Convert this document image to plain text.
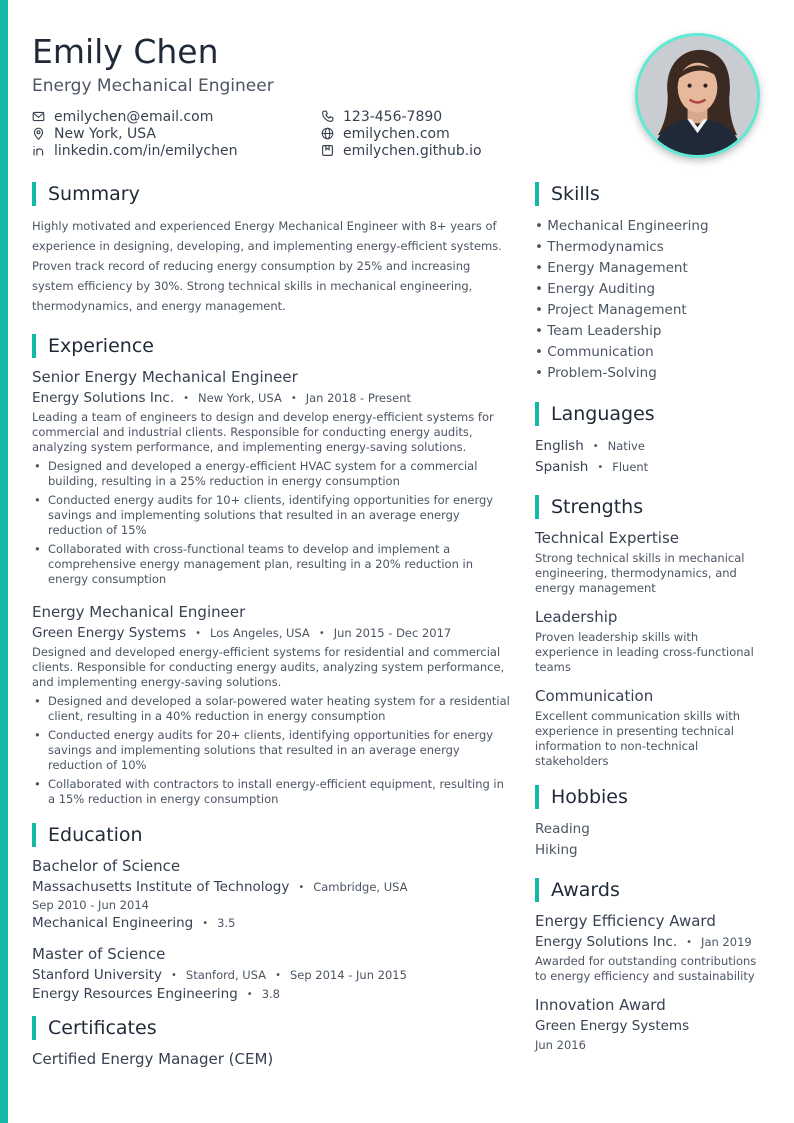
Emily Chen
Energy Mechanical Engineer
emilychen@email.com	123-456-7890
New York, USA	emilychen.com
linkedin.com/in/emilychen	emilychen.github.io
Summary

Highly motivated and experienced Energy Mechanical Engineer with 8+ years of experience in designing, developing, and implementing energy-efficient systems. Proven track record of reducing energy consumption by 25% and increasing system efficiency by 30%. Strong technical skills in mechanical engineering, thermodynamics, and energy management.

Experience
Senior Energy Mechanical Engineer
Energy Solutions Inc. • New York, USA • Jan 2018 - Present

Leading a team of engineers to design and develop energy-efficient systems for commercial and industrial clients. Responsible for conducting energy audits, analyzing system performance, and implementing energy-saving solutions.

• Designed and developed a energy-efficient HVAC system for a commercial building, resulting in a 25% reduction in energy consumption
• Conducted energy audits for 10+ clients, identifying opportunities for energy savings and implementing solutions that resulted in an average energy reduction of 15%
• Collaborated with cross-functional teams to develop and implement a comprehensive energy management plan, resulting in a 20% reduction in energy consumption
Energy Mechanical Engineer
Green Energy Systems • Los Angeles, USA • Jun 2015 - Dec 2017

Designed and developed energy-efficient systems for residential and commercial clients. Responsible for conducting energy audits, analyzing system performance, and implementing energy-saving solutions.

• Designed and developed a solar-powered water heating system for a residential client, resulting in a 40% reduction in energy consumption
• Conducted energy audits for 20+ clients, identifying opportunities for energy savings and implementing solutions that resulted in an average energy reduction of 10%
• Collaborated with contractors to install energy-efficient equipment, resulting in a 15% reduction in energy consumption
Education
Bachelor of Science
Massachusetts Institute of Technology • Cambridge, USA
Sep 2010 - Jun 2014
Mechanical Engineering • 3.5
Master of Science
Stanford University • Stanford, USA • Sep 2014 - Jun 2015
Energy Resources Engineering • 3.8
Certificates
Certified Energy Manager (CEM)
Skills
• Mechanical Engineering
• Thermodynamics
• Energy Management
• Energy Auditing
• Project Management
• Team Leadership
• Communication
• Problem-Solving
Languages
English • Native
Spanish • Fluent
Strengths
Technical Expertise
Strong technical skills in mechanical engineering, thermodynamics, and energy management
Leadership
Proven leadership skills with experience in leading cross-functional teams
Communication
Excellent communication skills with experience in presenting technical information to non-technical stakeholders
Hobbies
Reading
Hiking
Awards
Energy Efficiency Award
Energy Solutions Inc. • Jan 2019
Awarded for outstanding contributions to energy efficiency and sustainability
Innovation Award
Green Energy Systems
Jun 2016
